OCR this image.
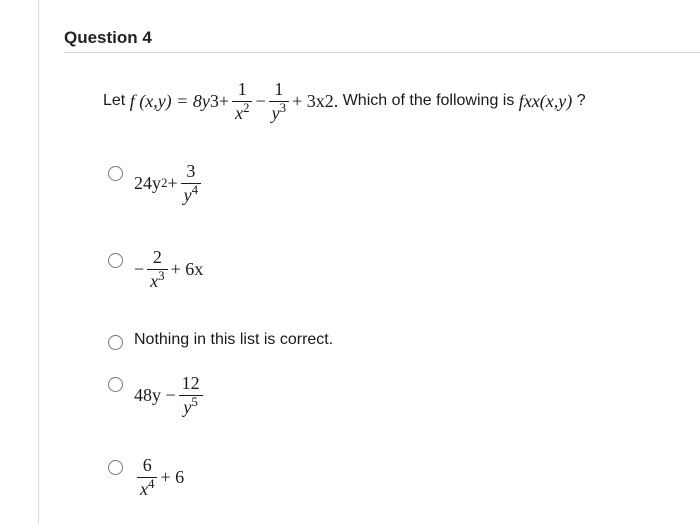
Question 4
Let
f (x,y) = 8y $3 + \frac{1}{x^2} - \frac{1}{y^3} + 3x$ 2 .
Which of the following is
f xx (x,y)
?
24y $2 + \frac{3}{y^4}$
− $\frac{2}{x^3} + 6x$
Nothing in this list is correct.
$48y - \frac{12}{y^5}$
$\frac{6}{x^4} + 6$
